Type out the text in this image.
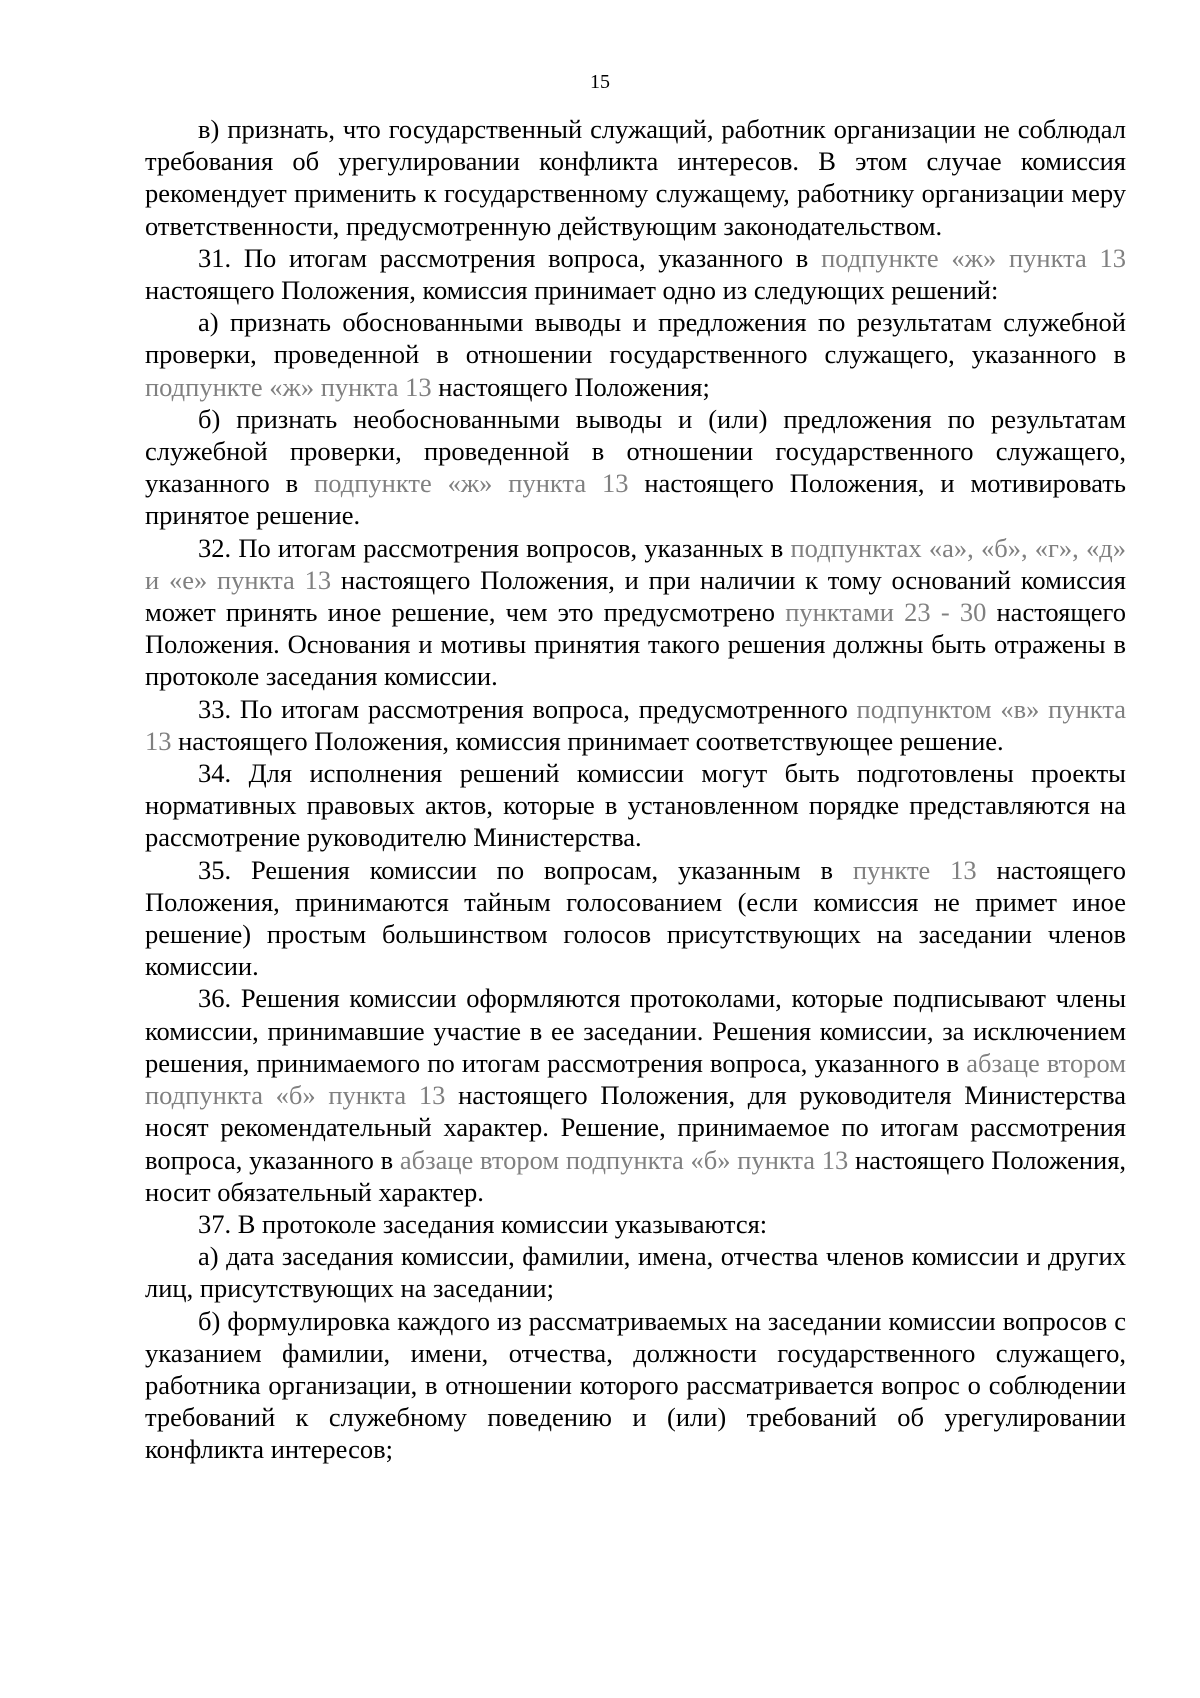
15

в) признать, что государственный служащий, работник организации не соблюдал требования об урегулировании конфликта интересов. В этом случае комиссия рекомендует применить к государственному служащему, работнику организации меру ответственности, предусмотренную действующим законодательством.

31. По итогам рассмотрения вопроса, указанного в подпункте «ж» пункта 13 настоящего Положения, комиссия принимает одно из следующих решений:

а) признать обоснованными выводы и предложения по результатам служебной проверки, проведенной в отношении государственного служащего, указанного в подпункте «ж» пункта 13 настоящего Положения;

б) признать необоснованными выводы и (или) предложения по результатам служебной проверки, проведенной в отношении государственного служащего, указанного в подпункте «ж» пункта 13 настоящего Положения, и мотивировать принятое решение.

32. По итогам рассмотрения вопросов, указанных в подпунктах «а», «б», «г», «д» и «е» пункта 13 настоящего Положения, и при наличии к тому оснований комиссия может принять иное решение, чем это предусмотрено пунктами 23 - 30 настоящего Положения. Основания и мотивы принятия такого решения должны быть отражены в протоколе заседания комиссии.

33. По итогам рассмотрения вопроса, предусмотренного подпунктом «в» пункта 13 настоящего Положения, комиссия принимает соответствующее решение.

34. Для исполнения решений комиссии могут быть подготовлены проекты нормативных правовых актов, которые в установленном порядке представляются на рассмотрение руководителю Министерства.

35. Решения комиссии по вопросам, указанным в пункте 13 настоящего Положения, принимаются тайным голосованием (если комиссия не примет иное решение) простым большинством голосов присутствующих на заседании членов комиссии.

36. Решения комиссии оформляются протоколами, которые подписывают члены комиссии, принимавшие участие в ее заседании. Решения комиссии, за исключением решения, принимаемого по итогам рассмотрения вопроса, указанного в абзаце втором подпункта «б» пункта 13 настоящего Положения, для руководителя Министерства носят рекомендательный характер. Решение, принимаемое по итогам рассмотрения вопроса, указанного в абзаце втором подпункта «б» пункта 13 настоящего Положения, носит обязательный характер.

37. В протоколе заседания комиссии указываются:

а) дата заседания комиссии, фамилии, имена, отчества членов комиссии и других лиц, присутствующих на заседании;

б) формулировка каждого из рассматриваемых на заседании комиссии вопросов с указанием фамилии, имени, отчества, должности государственного служащего, работника организации, в отношении которого рассматривается вопрос о соблюдении требований к служебному поведению и (или) требований об урегулировании конфликта интересов;
